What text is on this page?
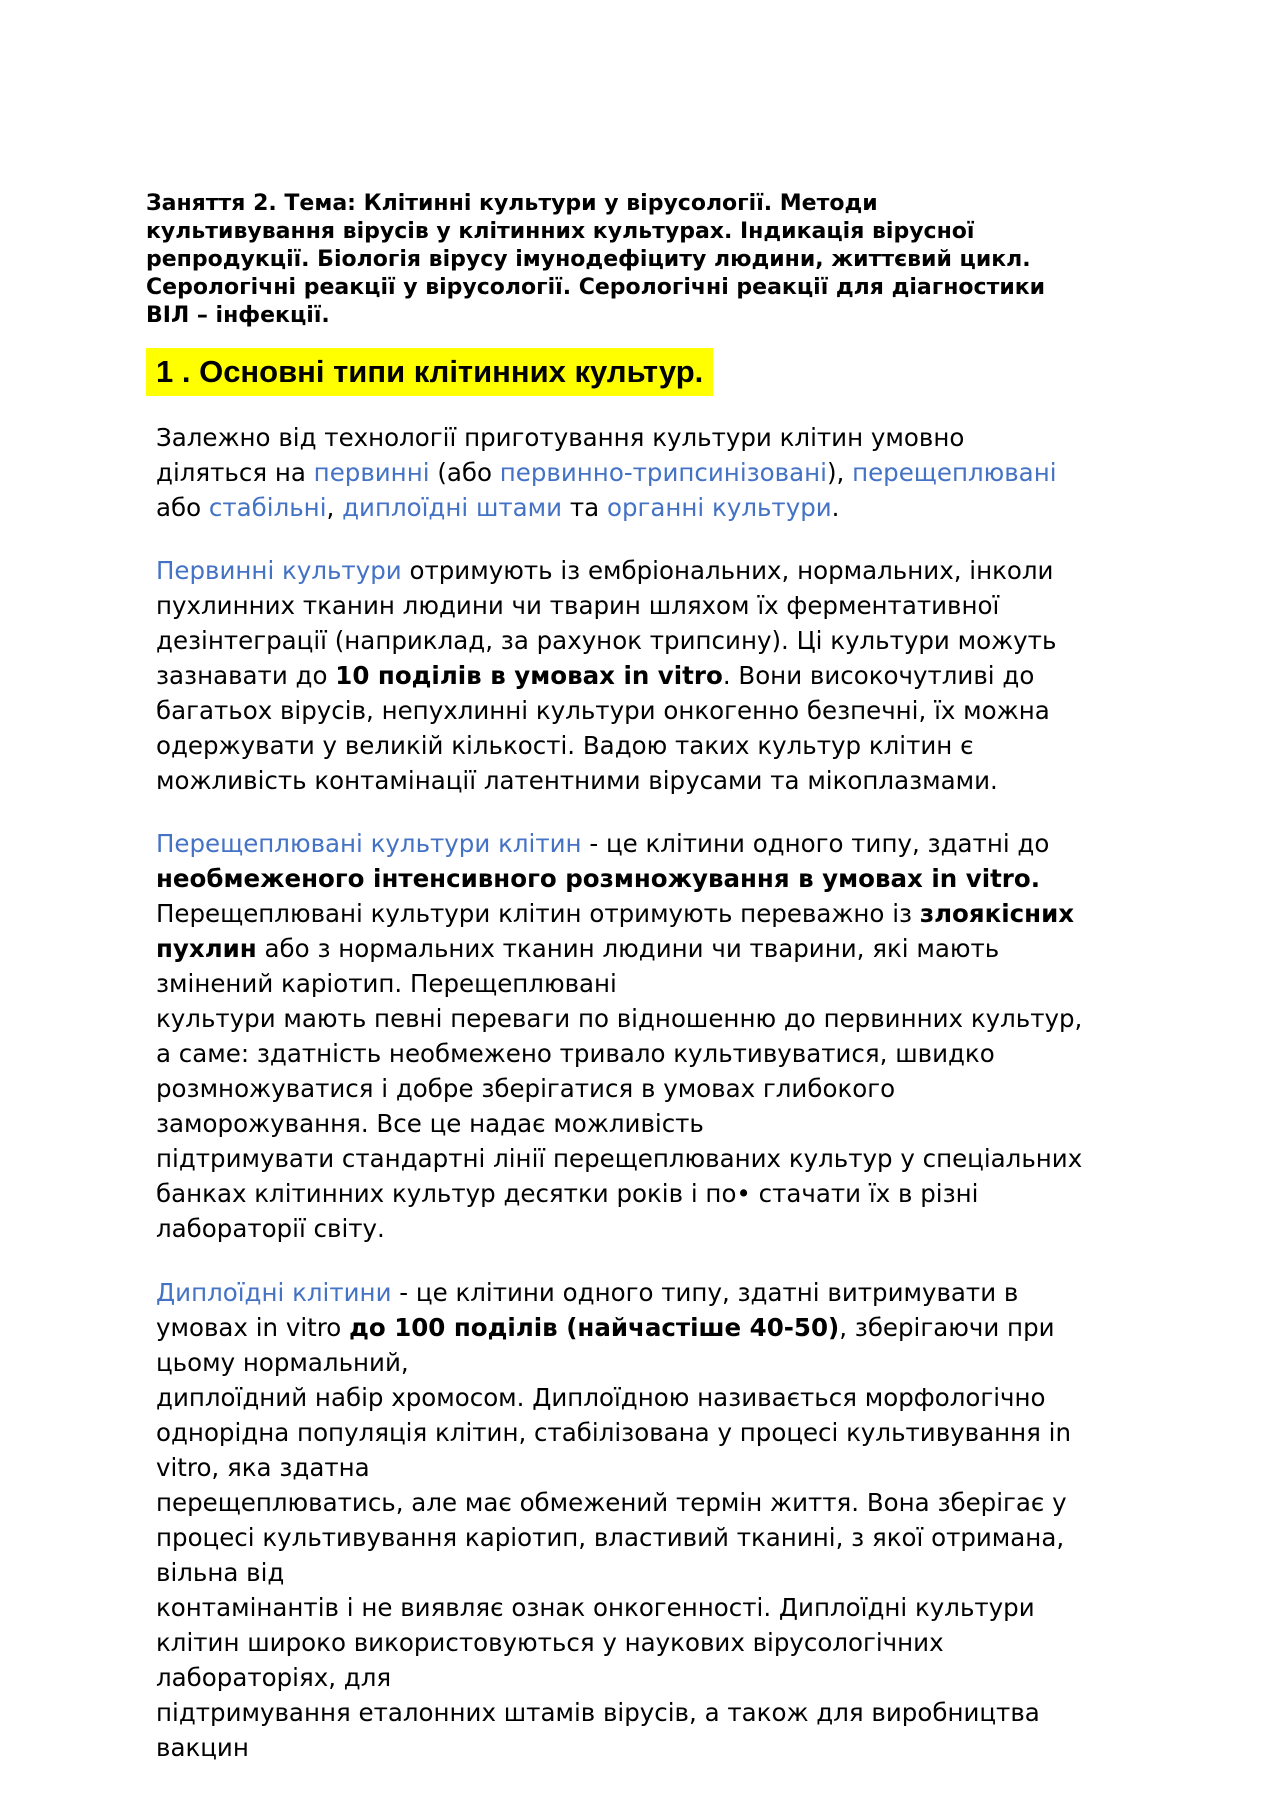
Заняття 2. Тема: Клітинні культури у вірусології. Методи
культивування вірусів у клітинних культурах. Індикація вірусної
репродукції. Біологія вірусу імунодефіциту людини, життєвий цикл.
Серологічні реакції у вірусології. Серологічні реакції для діагностики
ВІЛ – інфекції.
1 . Основні типи клітинних культур.
Залежно від технології приготування культури клітин умовно
діляться на первинні (або первинно-трипсинізовані), перещеплювані
або стабільні, диплоїдні штами та органні культури.
Первинні культури отримують із ембріональних, нормальних, інколи
пухлинних тканин людини чи тварин шляхом їх ферментативної
дезінтеграції (наприклад, за рахунок трипсину). Ці культури можуть
зазнавати до 10 поділів в умовах in vitro. Вони високочутливі до
багатьох вірусів, непухлинні культури онкогенно безпечні, їх можна
одержувати у великій кількості. Вадою таких культур клітин є
можливість контамінації латентними вірусами та мікоплазмами.
Перещеплювані культури клітин - це клітини одного типу, здатні до
необмеженого інтенсивного розмножування в умовах in vitro.
Перещеплювані культури клітин отримують переважно із злоякісних
пухлин або з нормальних тканин людини чи тварини, які мають
змінений каріотип. Перещеплювані
культури мають певні переваги по відношенню до первинних культур,
а саме: здатність необмежено тривало культивуватися, швидко
розмножуватися і добре зберігатися в умовах глибокого
заморожування. Все це надає можливість
підтримувати стандартні лінії перещеплюваних культур у спеціальних
банках клітинних культур десятки років і по• стачати їх в різні
лабораторії світу.
Диплоїдні клітини - це клітини одного типу, здатні витримувати в
умовах in vitro до 100 поділів (найчастіше 40-50), зберігаючи при
цьому нормальний,
диплоїдний набір хромосом. Диплоїдною називається морфологічно
однорідна популяція клітин, стабілізована у процесі культивування in
vitro, яка здатна
перещеплюватись, але має обмежений термін життя. Вона зберігає у
процесі культивування каріотип, властивий тканині, з якої отримана,
вільна від
контамінантів і не виявляє ознак онкогенності. Диплоїдні культури
клітин широко використовуються у наукових вірусологічних
лабораторіях, для
підтримування еталонних штамів вірусів, а також для виробництва
вакцин
